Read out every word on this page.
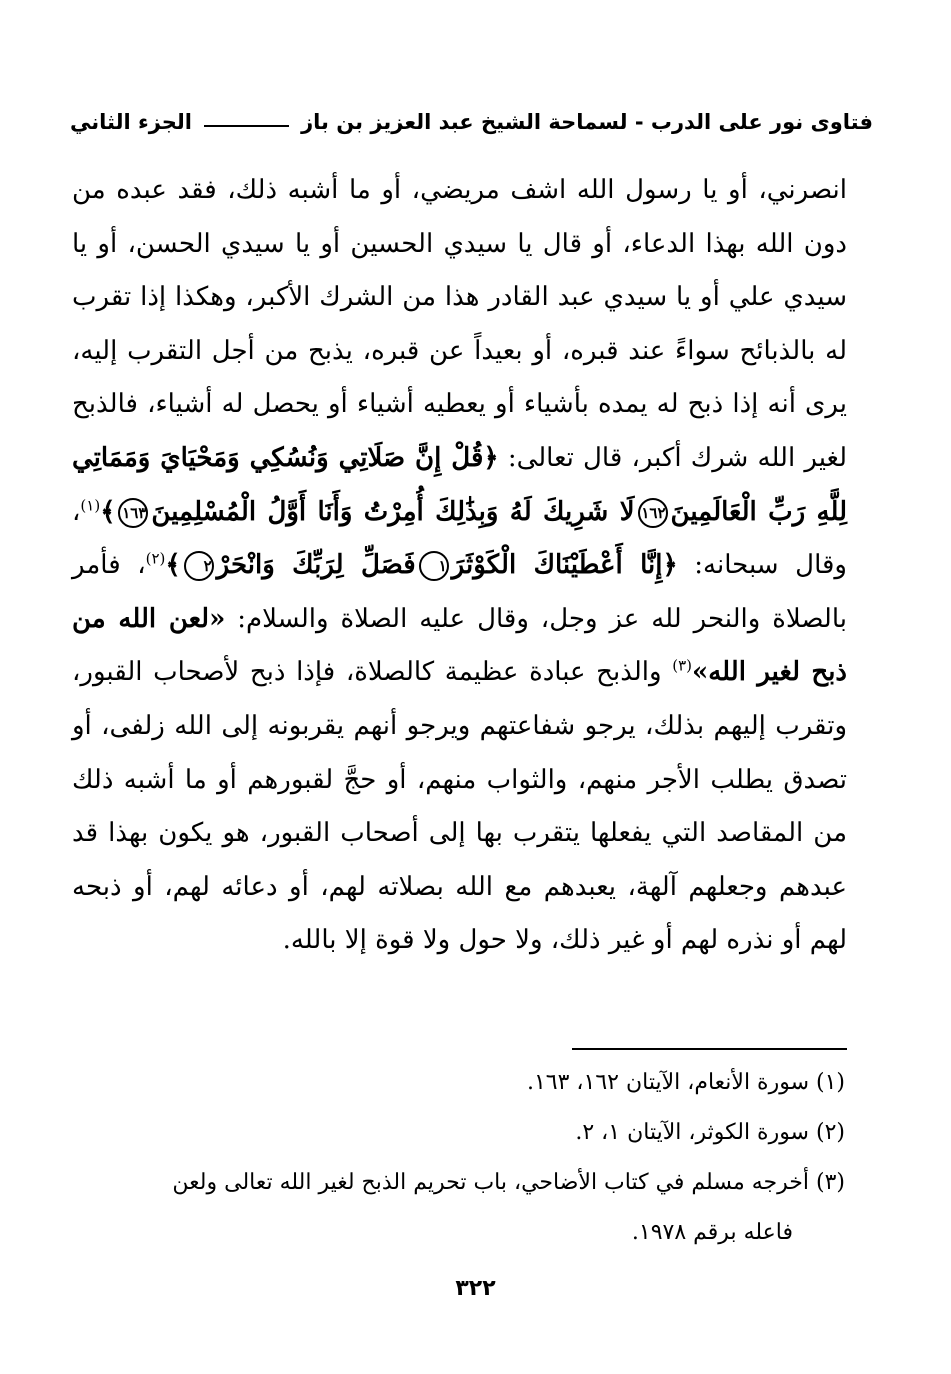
فتاوى نور على الدرب - لسماحة الشيخ عبد العزيز بن باز
الجزء الثاني

انصرني، أو يا رسول الله اشف مريضي، أو ما أشبه ذلك، فقد عبده من دون الله بهذا الدعاء، أو قال يا سيدي الحسين أو يا سيدي الحسن، أو يا سيدي علي أو يا سيدي عبد القادر هذا من الشرك الأكبر، وهكذا إذا تقرب له بالذبائح سواءً عند قبره، أو بعيداً عن قبره، يذبح من أجل التقرب إليه، يرى أنه إذا ذبح له يمده بأشياء أو يعطيه أشياء أو يحصل له أشياء، فالذبح لغير الله شرك أكبر، قال تعالى: ﴿قُلْ إِنَّ صَلَاتِي وَنُسُكِي وَمَحْيَايَ وَمَمَاتِي لِلَّهِ رَبِّ الْعَالَمِينَ١٦٢لَا شَرِيكَ لَهُ وَبِذَٰلِكَ أُمِرْتُ وَأَنَا أَوَّلُ الْمُسْلِمِينَ١٦٣﴾$^{(١)}$، وقال سبحانه: ﴿إِنَّا أَعْطَيْنَاكَ الْكَوْثَرَ١فَصَلِّ لِرَبِّكَ وَانْحَرْ٢﴾$^{(٢)}$، فأمر بالصلاة والنحر لله عز وجل، وقال عليه الصلاة والسلام: «لعن الله من ذبح لغير الله»$^{(٣)}$ والذبح عبادة عظيمة كالصلاة، فإذا ذبح لأصحاب القبور، وتقرب إليهم بذلك، يرجو شفاعتهم ويرجو أنهم يقربونه إلى الله زلفى، أو تصدق يطلب الأجر منهم، والثواب منهم، أو حجَّ لقبورهم أو ما أشبه ذلك من المقاصد التي يفعلها يتقرب بها إلى أصحاب القبور، هو يكون بهذا قد عبدهم وجعلهم آلهة، يعبدهم مع الله بصلاته لهم، أو دعائه لهم، أو ذبحه لهم أو نذره لهم أو غير ذلك، ولا حول ولا قوة إلا بالله.

(١) سورة الأنعام، الآيتان ١٦٢، ١٦٣.

(٢) سورة الكوثر، الآيتان ١، ٢.

(٣) أخرجه مسلم في كتاب الأضاحي، باب تحريم الذبح لغير الله تعالى ولعن

فاعله برقم ١٩٧٨.

٣٢٢
